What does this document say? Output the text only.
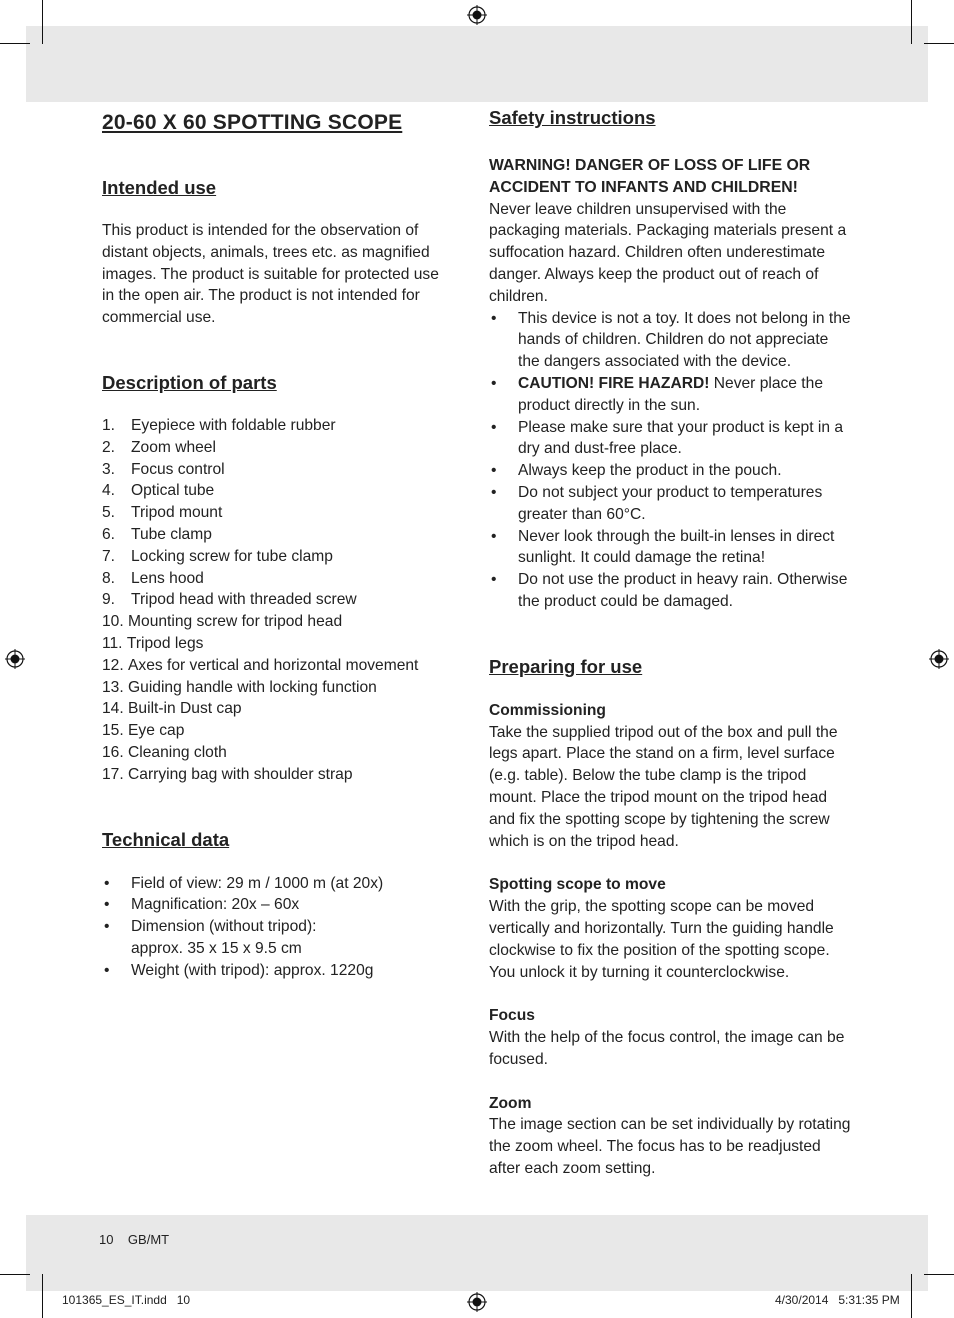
20-60 X 60 SPOTTING SCOPE
Intended use

This product is intended for the observation of distant objects, animals, trees etc. as magnified images. The product is suitable for protected use in the open air. The product is not intended for commercial use.

Description of parts
1.	Eyepiece with foldable rubber
2.	Zoom wheel
3.	Focus control
4.	Optical tube
5.	Tripod mount
6.	Tube clamp
7.	Locking screw for tube clamp
8.	Lens hood
9.	Tripod head with threaded screw
10.
Mounting screw for tripod head
11.
Tripod legs
12.
Axes for vertical and horizontal movement
13.
Guiding handle with locking function
14.
Built-in Dust cap
15.
Eye cap
16.
Cleaning cloth
17.
Carrying bag with shoulder strap
Technical data
•	Field of view: 29 m / 1000 m (at 20x)
•	Magnification: 20x – 60x
•	Dimension (without tripod):
approx. 35 x 15 x 9.5 cm
•	Weight (with tripod): approx. 1220g
Safety instructions

WARNING! DANGER OF LOSS OF LIFE OR ACCIDENT TO INFANTS AND CHILDREN!

Never leave children unsupervised with the packaging materials. Packaging materials present a suffocation hazard. Children often underestimate danger. Always keep the product out of reach of children.

•	This device is not a toy. It does not belong in the hands of children. Children do not appreciate the dangers associated with the device.
•	CAUTION! FIRE HAZARD! Never place the product directly in the sun.
•	Please make sure that your product is kept in a dry and dust-free place.
•	Always keep the product in the pouch.
•	Do not subject your product to temperatures greater than 60°C.
•	Never look through the built-in lenses in direct sunlight. It could damage the retina!
•	Do not use the product in heavy rain. Otherwise the product could be damaged.
Preparing for use

Commissioning

Take the supplied tripod out of the box and pull the legs apart. Place the stand on a firm, level surface (e.g. table). Below the tube clamp is the tripod mount. Place the tripod mount on the tripod head and fix the spotting scope by tightening the screw which is on the tripod head.

Spotting scope to move

With the grip, the spotting scope can be moved vertically and horizontally. Turn the guiding handle clockwise to fix the position of the spotting scope. You unlock it by turning it counterclockwise.

Focus

With the help of the focus control, the image can be focused.

Zoom

The image section can be set individually by rotating the zoom wheel. The focus has to be readjusted after each zoom setting.

10 GB/MT
101365_ES_IT.indd   10	4/30/2014   5:31:35 PM
